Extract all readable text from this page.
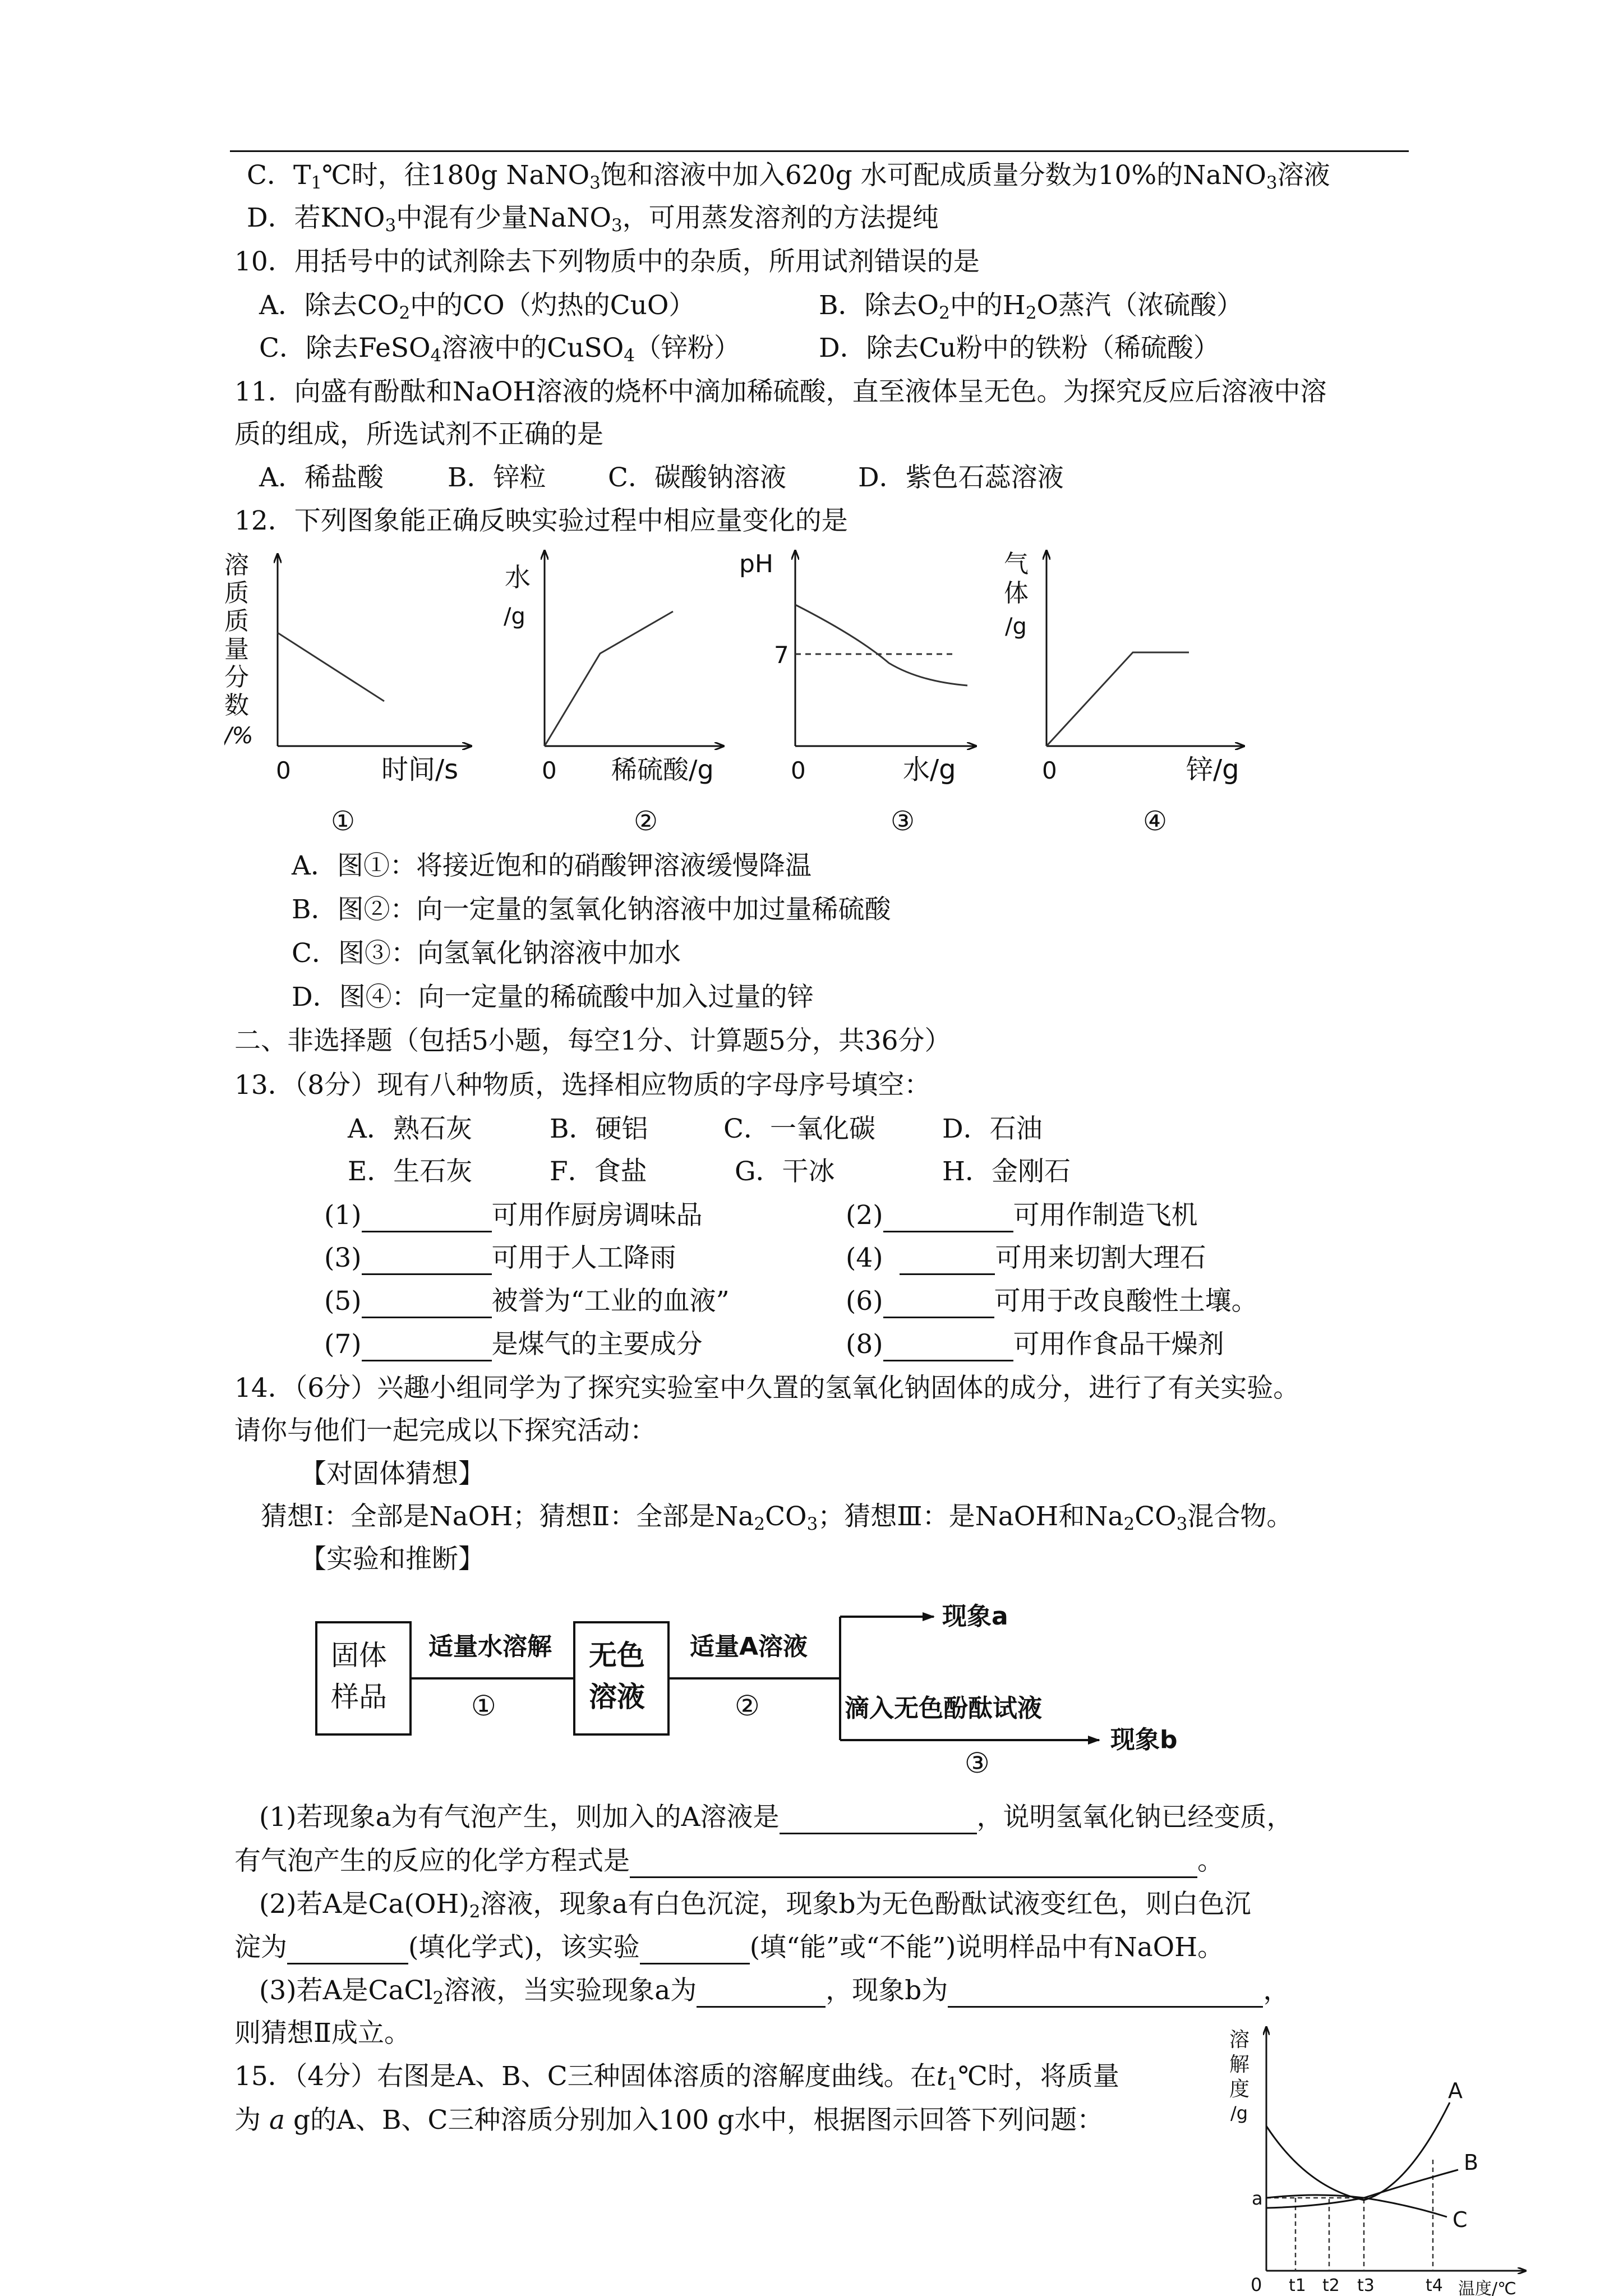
C．$T_1℃$时，往180g NaNO$_3$饱和溶液中加入620g 水可配成质量分数为10%的NaNO$_3$溶液
D．若$KNO_3$中混有少量NaNO$_3$，可用蒸发溶剂的方法提纯
10．用括号中的试剂除去下列物质中的杂质，所用试剂错误的是
A．除去$CO_2$中的CO（灼热的CuO）	B．除去$O_2$中的$H_2O$蒸汽（浓硫酸）
C．除去FeSO$_4$溶液中的CuSO$_4$（锌粉）	D．除去Cu粉中的铁粉（稀硫酸）
11．向盛有酚酞和NaOH溶液的烧杯中滴加稀硫酸，直至液体呈无色。为探究反应后溶液中溶
质的组成，所选试剂不正确的是
A．稀盐酸 B．锌粒 C．碳酸钠溶液	D．紫色石蕊溶液
12．下列图象能正确反映实验过程中相应量变化的是
溶
质
质
量
分
数
/%
0	时间/s
①
水
/g
0 稀硫酸/g
②
pH
7
0	水/g
③
气
体
/g
0	锌/g
④
A．图①：将接近饱和的硝酸钾溶液缓慢降温
B．图②：向一定量的氢氧化钠溶液中加过量稀硫酸
C．图③：向氢氧化钠溶液中加水
D．图④：向一定量的稀硫酸中加入过量的锌
二、非选择题（包括5小题，每空1分、计算题5分，共36分）
13．（8分）现有八种物质，选择相应物质的字母序号填空：
A．熟石灰	B．硬铝	C．一氧化碳	D．石油
E．生石灰	F．食盐	G．干冰	H．金刚石
(1)	可用作厨房调味品	(2)	可用作制造飞机
(3)	可用于人工降雨	(4)	可用来切割大理石
(5)	被誉为“工业的血液”	(6)	可用于改良酸性土壤。
(7)	是煤气的主要成分	(8)	可用作食品干燥剂
14．（6分）兴趣小组同学为了探究实验室中久置的氢氧化钠固体的成分，进行了有关实验。
请你与他们一起完成以下探究活动：
【对固体猜想】
猜想Ⅰ：全部是NaOH；猜想Ⅱ：全部是$Na_2CO_3$；猜想Ⅲ：是NaOH和$Na_2CO_3$混合物。
【实验和推断】
固体
样品
适量水溶解
①
无色
溶液
适量A溶液
②
现象a
滴入无色酚酞试液
现象b
③
(1)若现象a为有气泡产生，则加入的A溶液是	，说明氢氧化钠已经变质，
有气泡产生的反应的化学方程式是	。
(2)若A是$Ca(OH)_2$溶液，现象a有白色沉淀，现象b为无色酚酞试液变红色，则白色沉
淀为	(填化学式)，该实验	(填“能”或“不能”)说明样品中有NaOH。
(3)若A是CaCl$_2$溶液，当实验现象a为	，现象b为	，
则猜想Ⅱ成立。
15．（4分）右图是A、B、C三种固体溶质的溶解度曲线。在$t_1℃$时，将质量
为 a g的A、B、C三种溶质分别加入100 g水中，根据图示回答下列问题：
溶
解
度
/g
A
B
C
a
0 t1 t2 t3	t4 温度/℃
